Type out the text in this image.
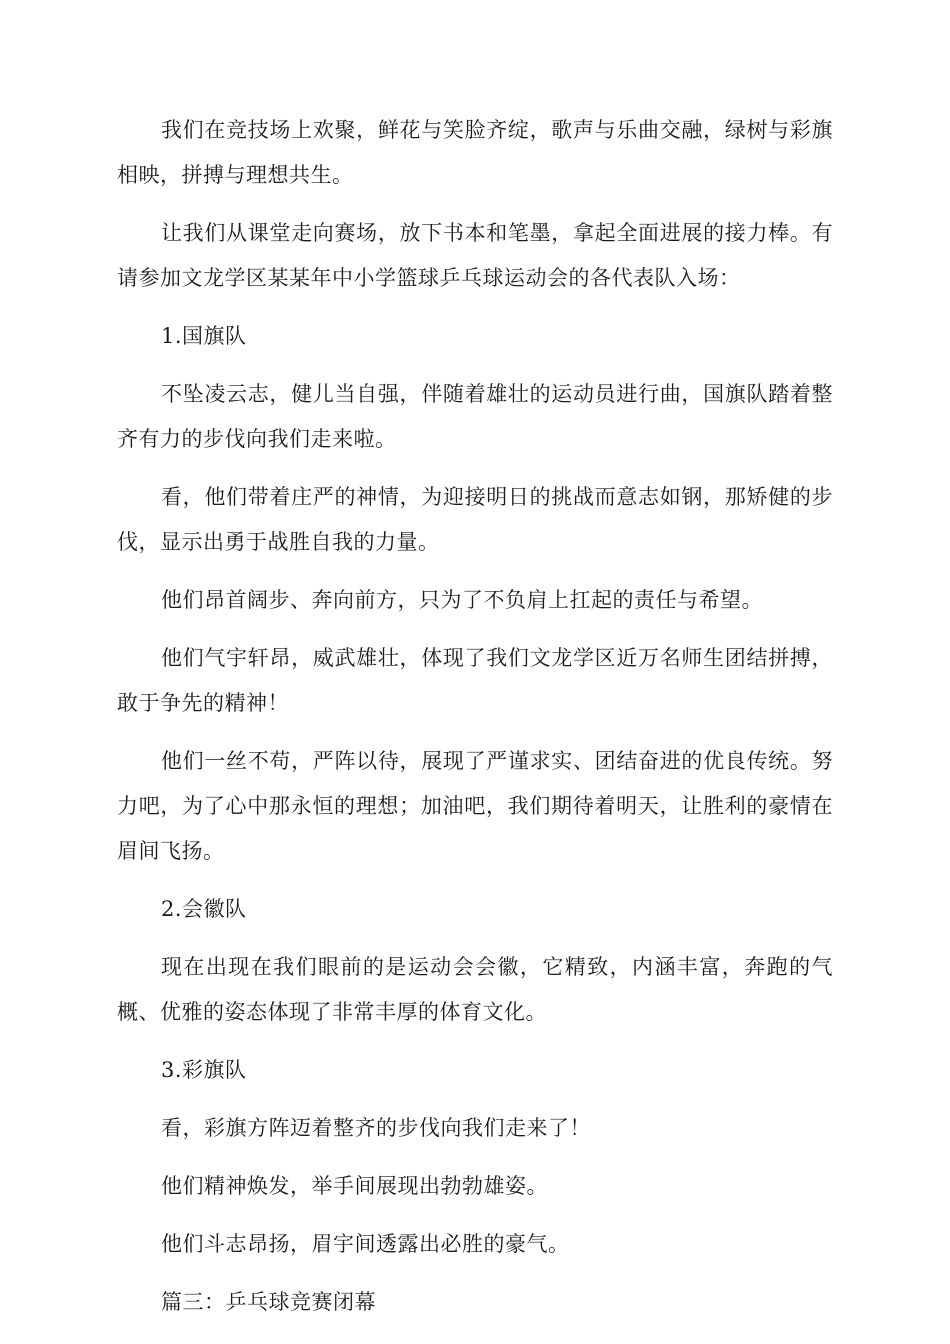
我们在竞技场上欢聚，鲜花与笑脸齐绽，歌声与乐曲交融，绿树与彩旗相映，拼搏与理想共生。

让我们从课堂走向赛场，放下书本和笔墨，拿起全面进展的接力棒。有请参加文龙学区某某年中小学篮球乒乓球运动会的各代表队入场：

1.国旗队

不坠凌云志，健儿当自强，伴随着雄壮的运动员进行曲，国旗队踏着整齐有力的步伐向我们走来啦。

看，他们带着庄严的神情，为迎接明日的挑战而意志如钢，那矫健的步伐，显示出勇于战胜自我的力量。

他们昂首阔步、奔向前方，只为了不负肩上扛起的责任与希望。

他们气宇轩昂，威武雄壮，体现了我们文龙学区近万名师生团结拼搏，敢于争先的精神！

他们一丝不苟，严阵以待，展现了严谨求实、团结奋进的优良传统。努力吧，为了心中那永恒的理想；加油吧，我们期待着明天，让胜利的豪情在眉间飞扬。

2.会徽队

现在出现在我们眼前的是运动会会徽，它精致，内涵丰富，奔跑的气概、优雅的姿态体现了非常丰厚的体育文化。

3.彩旗队

看，彩旗方阵迈着整齐的步伐向我们走来了！

他们精神焕发，举手间展现出勃勃雄姿。

他们斗志昂扬，眉宇间透露出必胜的豪气。

篇三：乒乓球竞赛闭幕
